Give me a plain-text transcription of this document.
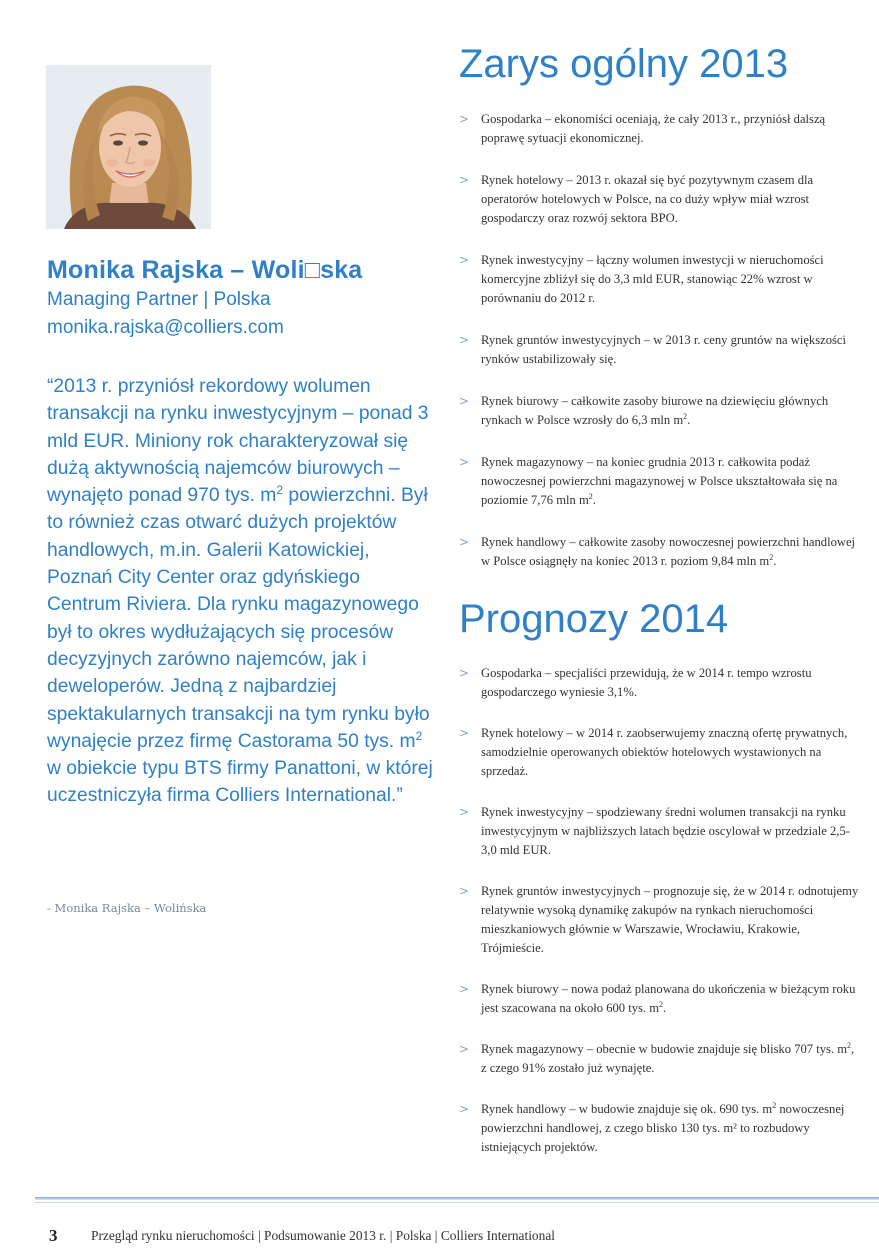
Monika Rajska – Woli□ska
Managing Partner | Polska
monika.rajska@colliers.com
“2013 r. przyniósł rekordowy wolumen transakcji na rynku inwestycyjnym – ponad 3 mld EUR. Miniony rok charakteryzował się dużą aktywnością najemców biurowych – wynajęto ponad 970 tys. $m^2$ powierzchni. Był to również czas otwarć dużych projektów handlowych, m.in. Galerii Katowickiej, Poznań City Center oraz gdyńskiego Centrum Riviera. Dla rynku magazynowego był to okres wydłużających się procesów decyzyjnych zarówno najemców, jak i deweloperów. Jedną z najbardziej spektakularnych transakcji na tym rynku było wynajęcie przez firmę Castorama 50 tys. $m^2$ w obiekcie typu BTS firmy Panattoni, w której uczestniczyła firma Colliers International.”
- Monika Rajska – Wolińska
Zarys ogólny 2013
> Gospodarka – ekonomiści oceniają, że cały 2013 r., przyniósł dalszą poprawę sytuacji ekonomicznej.
> Rynek hotelowy – 2013 r. okazał się być pozytywnym czasem dla operatorów hotelowych w Polsce, na co duży wpływ miał wzrost gospodarczy oraz rozwój sektora BPO.
> Rynek inwestycyjny – łączny wolumen inwestycji w nieruchomości komercyjne zbliżył się do 3,3 mld EUR, stanowiąc 22% wzrost w porównaniu do 2012 r.
> Rynek gruntów inwestycyjnych – w 2013 r. ceny gruntów na większości rynków ustabilizowały się.
> Rynek biurowy – całkowite zasoby biurowe na dziewięciu głównych rynkach w Polsce wzrosły do 6,3 mln $m^2$.
> Rynek magazynowy – na koniec grudnia 2013 r. całkowita podaż nowoczesnej powierzchni magazynowej w Polsce ukształtowała się na poziomie 7,76 mln $m^2$.
> Rynek handlowy – całkowite zasoby nowoczesnej powierzchni handlowej w Polsce osiągnęły na koniec 2013 r. poziom 9,84 mln $m^2$.
Prognozy 2014
> Gospodarka – specjaliści przewidują, że w 2014 r. tempo wzrostu gospodarczego wyniesie 3,1%.
> Rynek hotelowy – w 2014 r. zaobserwujemy znaczną ofertę prywatnych, samodzielnie operowanych obiektów hotelowych wystawionych na sprzedaż.
> Rynek inwestycyjny – spodziewany średni wolumen transakcji na rynku inwestycyjnym w najbliższych latach będzie oscylował w przedziale 2,5-3,0 mld EUR.
> Rynek gruntów inwestycyjnych – prognozuje się, że w 2014 r. odnotujemy relatywnie wysoką dynamikę zakupów na rynkach nieruchomości mieszkaniowych głównie w Warszawie, Wrocławiu, Krakowie, Trójmieście.
> Rynek biurowy – nowa podaż planowana do ukończenia w bieżącym roku jest szacowana na około 600 tys. $m^2$.
> Rynek magazynowy – obecnie w budowie znajduje się blisko 707 tys. $m^2$, z czego 91% zostało już wynajęte.
> Rynek handlowy – w budowie znajduje się ok. 690 tys. $m^2$ nowoczesnej powierzchni handlowej, z czego blisko 130 tys. m² to rozbudowy istniejących projektów.
3	Przegląd rynku nieruchomości | Podsumowanie 2013 r. | Polska | Colliers International
